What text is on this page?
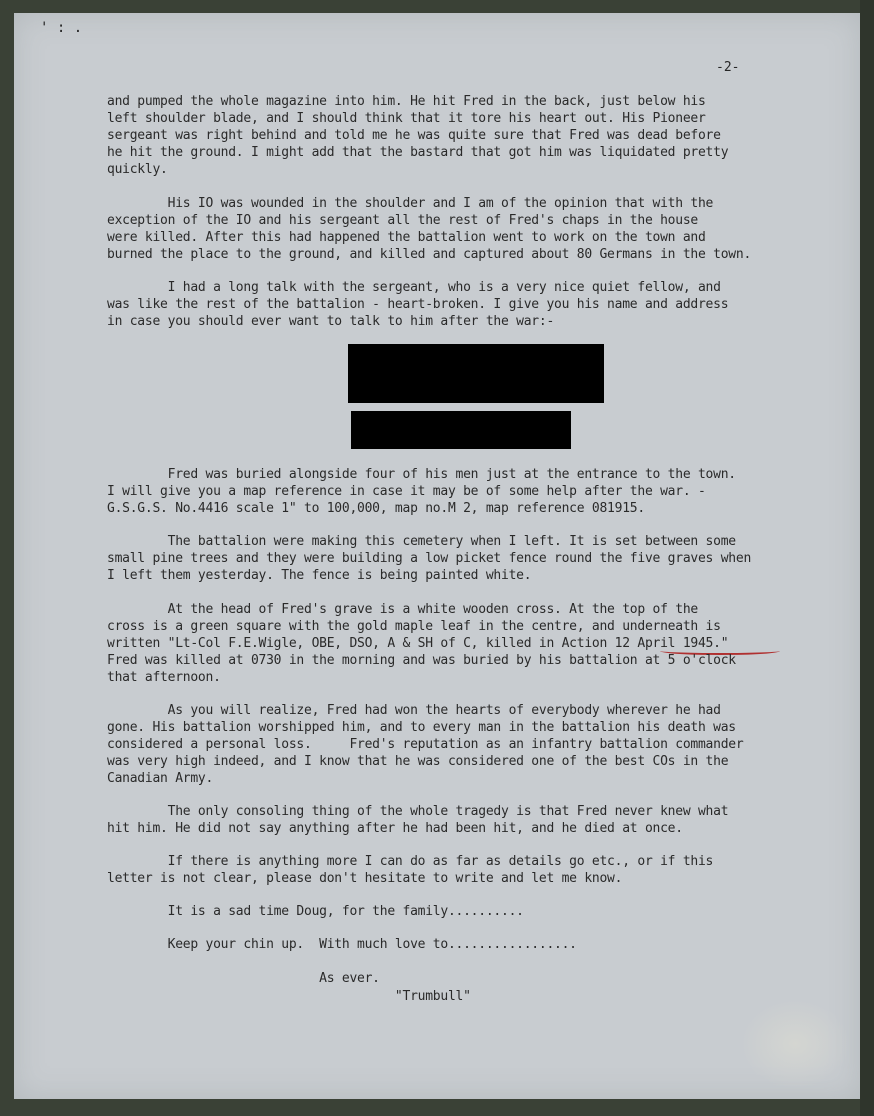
' : .

-2-

and pumped the whole magazine into him. He hit Fred in the back, just below his

left shoulder blade, and I should think that it tore his heart out. His Pioneer

sergeant was right behind and told me he was quite sure that Fred was dead before

he hit the ground. I might add that the bastard that got him was liquidated pretty

quickly.

His IO was wounded in the shoulder and I am of the opinion that with the

exception of the IO and his sergeant all the rest of Fred's chaps in the house

were killed. After this had happened the battalion went to work on the town and

burned the place to the ground, and killed and captured about 80 Germans in the town.

I had a long talk with the sergeant, who is a very nice quiet fellow, and

was like the rest of the battalion - heart-broken. I give you his name and address

in case you should ever want to talk to him after the war:-

Fred was buried alongside four of his men just at the entrance to the town.

I will give you a map reference in case it may be of some help after the war. -

G.S.G.S. No.4416 scale 1" to 100,000, map no.M 2, map reference 081915.

The battalion were making this cemetery when I left. It is set between some

small pine trees and they were building a low picket fence round the five graves when

I left them yesterday. The fence is being painted white.

At the head of Fred's grave is a white wooden cross. At the top of the

cross is a green square with the gold maple leaf in the centre, and underneath is

written "Lt-Col F.E.Wigle, OBE, DSO, A & SH of C, killed in Action 12 April 1945."

Fred was killed at 0730 in the morning and was buried by his battalion at 5 o'clock

that afternoon.

As you will realize, Fred had won the hearts of everybody wherever he had

gone. His battalion worshipped him, and to every man in the battalion his death was

considered a personal loss.     Fred's reputation as an infantry battalion commander

was very high indeed, and I know that he was considered one of the best COs in the

Canadian Army.

The only consoling thing of the whole tragedy is that Fred never knew what

hit him. He did not say anything after he had been hit, and he died at once.

If there is anything more I can do as far as details go etc., or if this

letter is not clear, please don't hesitate to write and let me know.

It is a sad time Doug, for the family..........

Keep your chin up.  With much love to.................

As ever.

"Trumbull"
